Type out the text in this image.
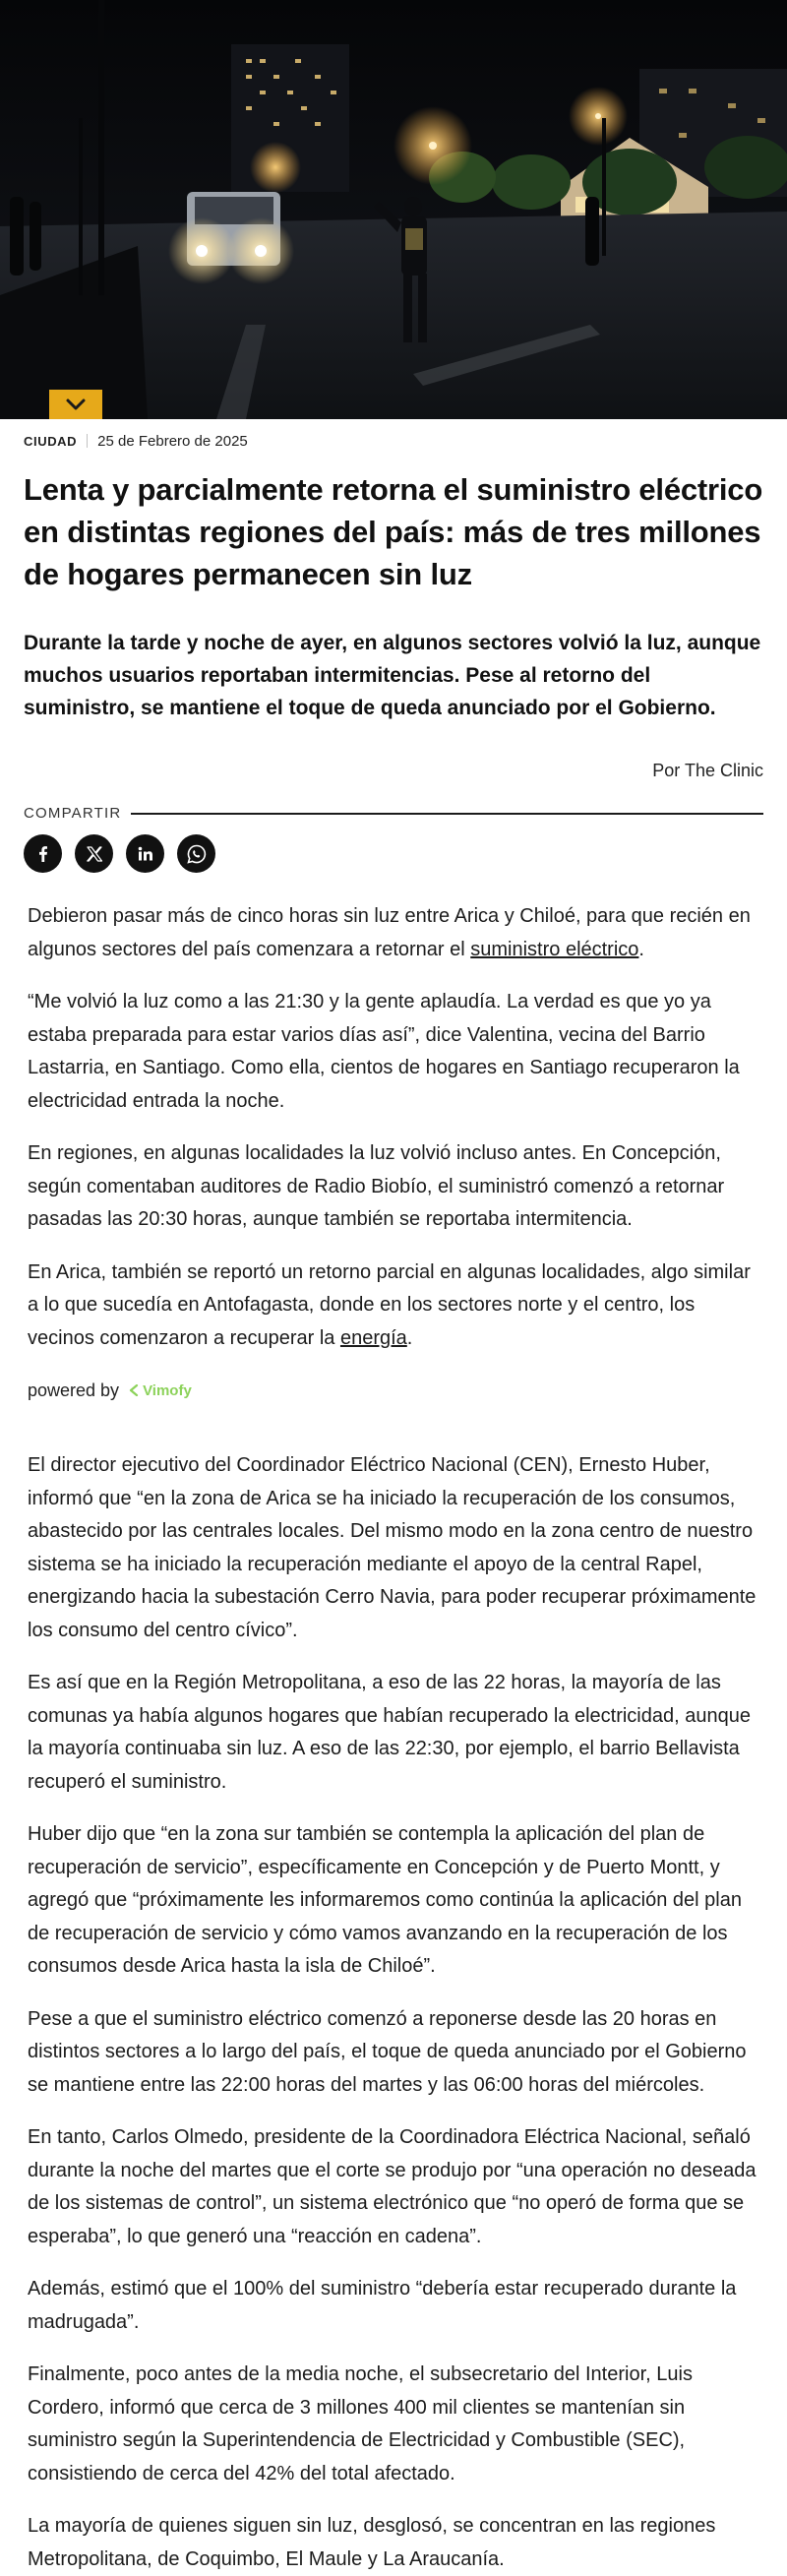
CIUDAD 25 de Febrero de 2025
Lenta y parcialmente retorna el suministro eléctrico en distintas regiones del país: más de tres millones de hogares permanecen sin luz

Durante la tarde y noche de ayer, en algunos sectores volvió la luz, aunque muchos usuarios reportaban intermitencias. Pese al retorno del suministro, se mantiene el toque de queda anunciado por el Gobierno.

Por The Clinic
COMPARTIR

Debieron pasar más de cinco horas sin luz entre Arica y Chiloé, para que recién en algunos sectores del país comenzara a retornar el suministro eléctrico.

“Me volvió la luz como a las 21:30 y la gente aplaudía. La verdad es que yo ya estaba preparada para estar varios días así”, dice Valentina, vecina del Barrio Lastarria, en Santiago. Como ella, cientos de hogares en Santiago recuperaron la electricidad entrada la noche.

En regiones, en algunas localidades la luz volvió incluso antes. En Concepción, según comentaban auditores de Radio Biobío, el suministró comenzó a retornar pasadas las 20:30 horas, aunque también se reportaba intermitencia.

En Arica, también se reportó un retorno parcial en algunas localidades, algo similar a lo que sucedía en Antofagasta, donde en los sectores norte y el centro, los vecinos comenzaron a recuperar la energía.

powered by Vimofy

El director ejecutivo del Coordinador Eléctrico Nacional (CEN), Ernesto Huber, informó que “en la zona de Arica se ha iniciado la recuperación de los consumos, abastecido por las centrales locales. Del mismo modo en la zona centro de nuestro sistema se ha iniciado la recuperación mediante el apoyo de la central Rapel, energizando hacia la subestación Cerro Navia, para poder recuperar próximamente los consumo del centro cívico”.

Es así que en la Región Metropolitana, a eso de las 22 horas, la mayoría de las comunas ya había algunos hogares que habían recuperado la electricidad, aunque la mayoría continuaba sin luz. A eso de las 22:30, por ejemplo, el barrio Bellavista recuperó el suministro.

Huber dijo que “en la zona sur también se contempla la aplicación del plan de recuperación de servicio”, específicamente en Concepción y de Puerto Montt, y agregó que “próximamente les informaremos como continúa la aplicación del plan de recuperación de servicio y cómo vamos avanzando en la recuperación de los consumos desde Arica hasta la isla de Chiloé”.

Pese a que el suministro eléctrico comenzó a reponerse desde las 20 horas en distintos sectores a lo largo del país, el toque de queda anunciado por el Gobierno se mantiene entre las 22:00 horas del martes y las 06:00 horas del miércoles.

En tanto, Carlos Olmedo, presidente de la Coordinadora Eléctrica Nacional, señaló durante la noche del martes que el corte se produjo por “una operación no deseada de los sistemas de control”, un sistema electrónico que “no operó de forma que se esperaba”, lo que generó una “reacción en cadena”.

Además, estimó que el 100% del suministro “debería estar recuperado durante la madrugada”.

Finalmente, poco antes de la media noche, el subsecretario del Interior, Luis Cordero, informó que cerca de 3 millones 400 mil clientes se mantenían sin suministro según la Superintendencia de Electricidad y Combustible (SEC), consistiendo de cerca del 42% del total afectado.

La mayoría de quienes siguen sin luz, desglosó, se concentran en las regiones Metropolitana, de Coquimbo, El Maule y La Araucanía.
